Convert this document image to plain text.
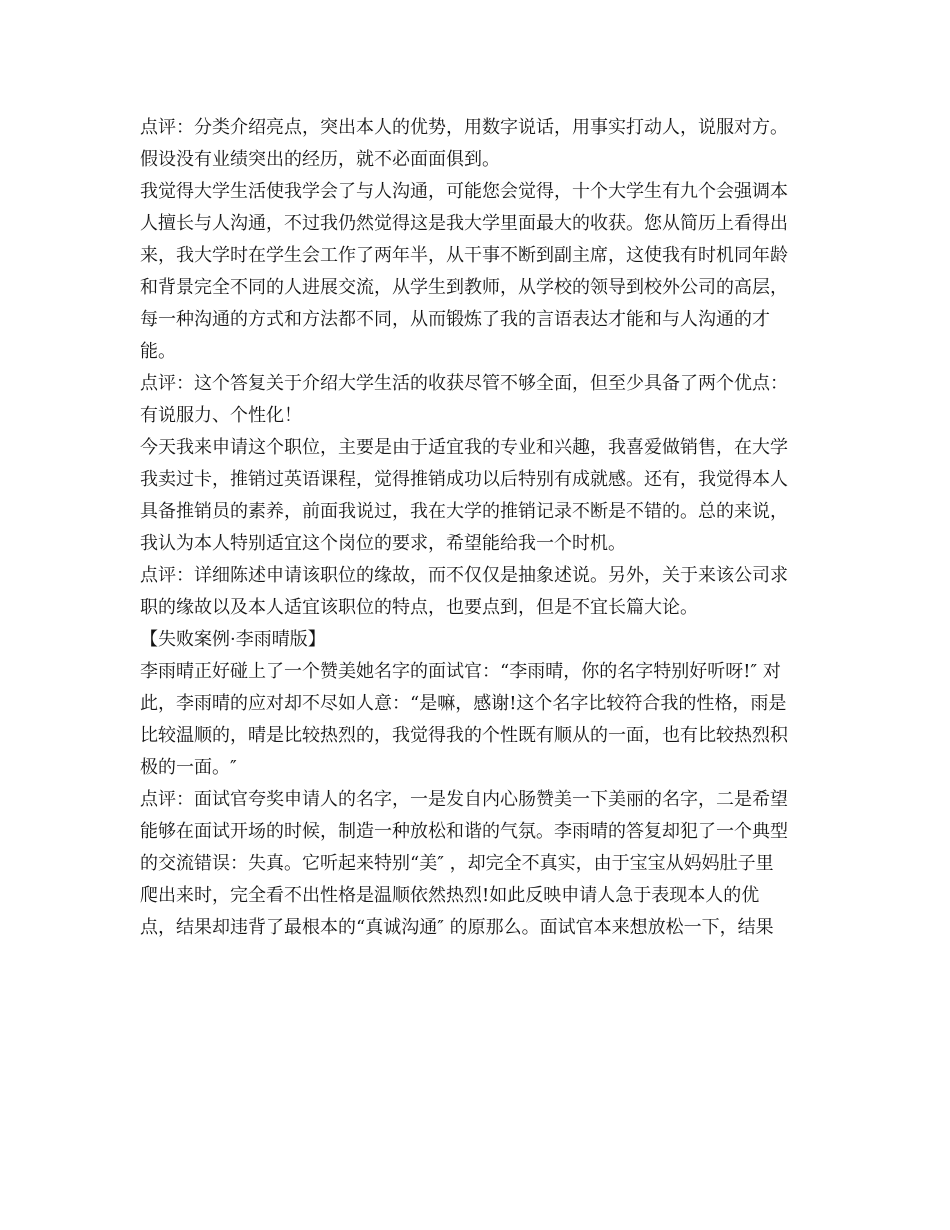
点评：分类介绍亮点，突出本人的优势，用数字说话，用事实打动人，说服对方。
假设没有业绩突出的经历，就不必面面俱到。
我觉得大学生活使我学会了与人沟通，可能您会觉得，十个大学生有九个会强调本
人擅长与人沟通，不过我仍然觉得这是我大学里面最大的收获。您从简历上看得出
来，我大学时在学生会工作了两年半，从干事不断到副主席，这使我有时机同年龄
和背景完全不同的人进展交流，从学生到教师，从学校的领导到校外公司的高层，
每一种沟通的方式和方法都不同，从而锻炼了我的言语表达才能和与人沟通的才
能。
点评：这个答复关于介绍大学生活的收获尽管不够全面，但至少具备了两个优点：
有说服力、个性化！
今天我来申请这个职位，主要是由于适宜我的专业和兴趣，我喜爱做销售，在大学
我卖过卡，推销过英语课程，觉得推销成功以后特别有成就感。还有，我觉得本人
具备推销员的素养，前面我说过，我在大学的推销记录不断是不错的。总的来说，
我认为本人特别适宜这个岗位的要求，希望能给我一个时机。
点评：详细陈述申请该职位的缘故，而不仅仅是抽象述说。另外，关于来该公司求
职的缘故以及本人适宜该职位的特点，也要点到，但是不宜长篇大论。
【失败案例·李雨晴版】
李雨晴正好碰上了一个赞美她名字的面试官：“李雨晴，你的名字特别好听呀!″ 对
此，李雨晴的应对却不尽如人意：“是嘛，感谢!这个名字比较符合我的性格，雨是
比较温顺的，晴是比较热烈的，我觉得我的个性既有顺从的一面，也有比较热烈积
极的一面。″
点评：面试官夸奖申请人的名字，一是发自内心肠赞美一下美丽的名字，二是希望
能够在面试开场的时候，制造一种放松和谐的气氛。李雨晴的答复却犯了一个典型
的交流错误：失真。它听起来特别“美″ ，却完全不真实，由于宝宝从妈妈肚子里
爬出来时，完全看不出性格是温顺依然热烈!如此反映申请人急于表现本人的优
点，结果却违背了最根本的“真诚沟通″ 的原那么。面试官本来想放松一下，结果
